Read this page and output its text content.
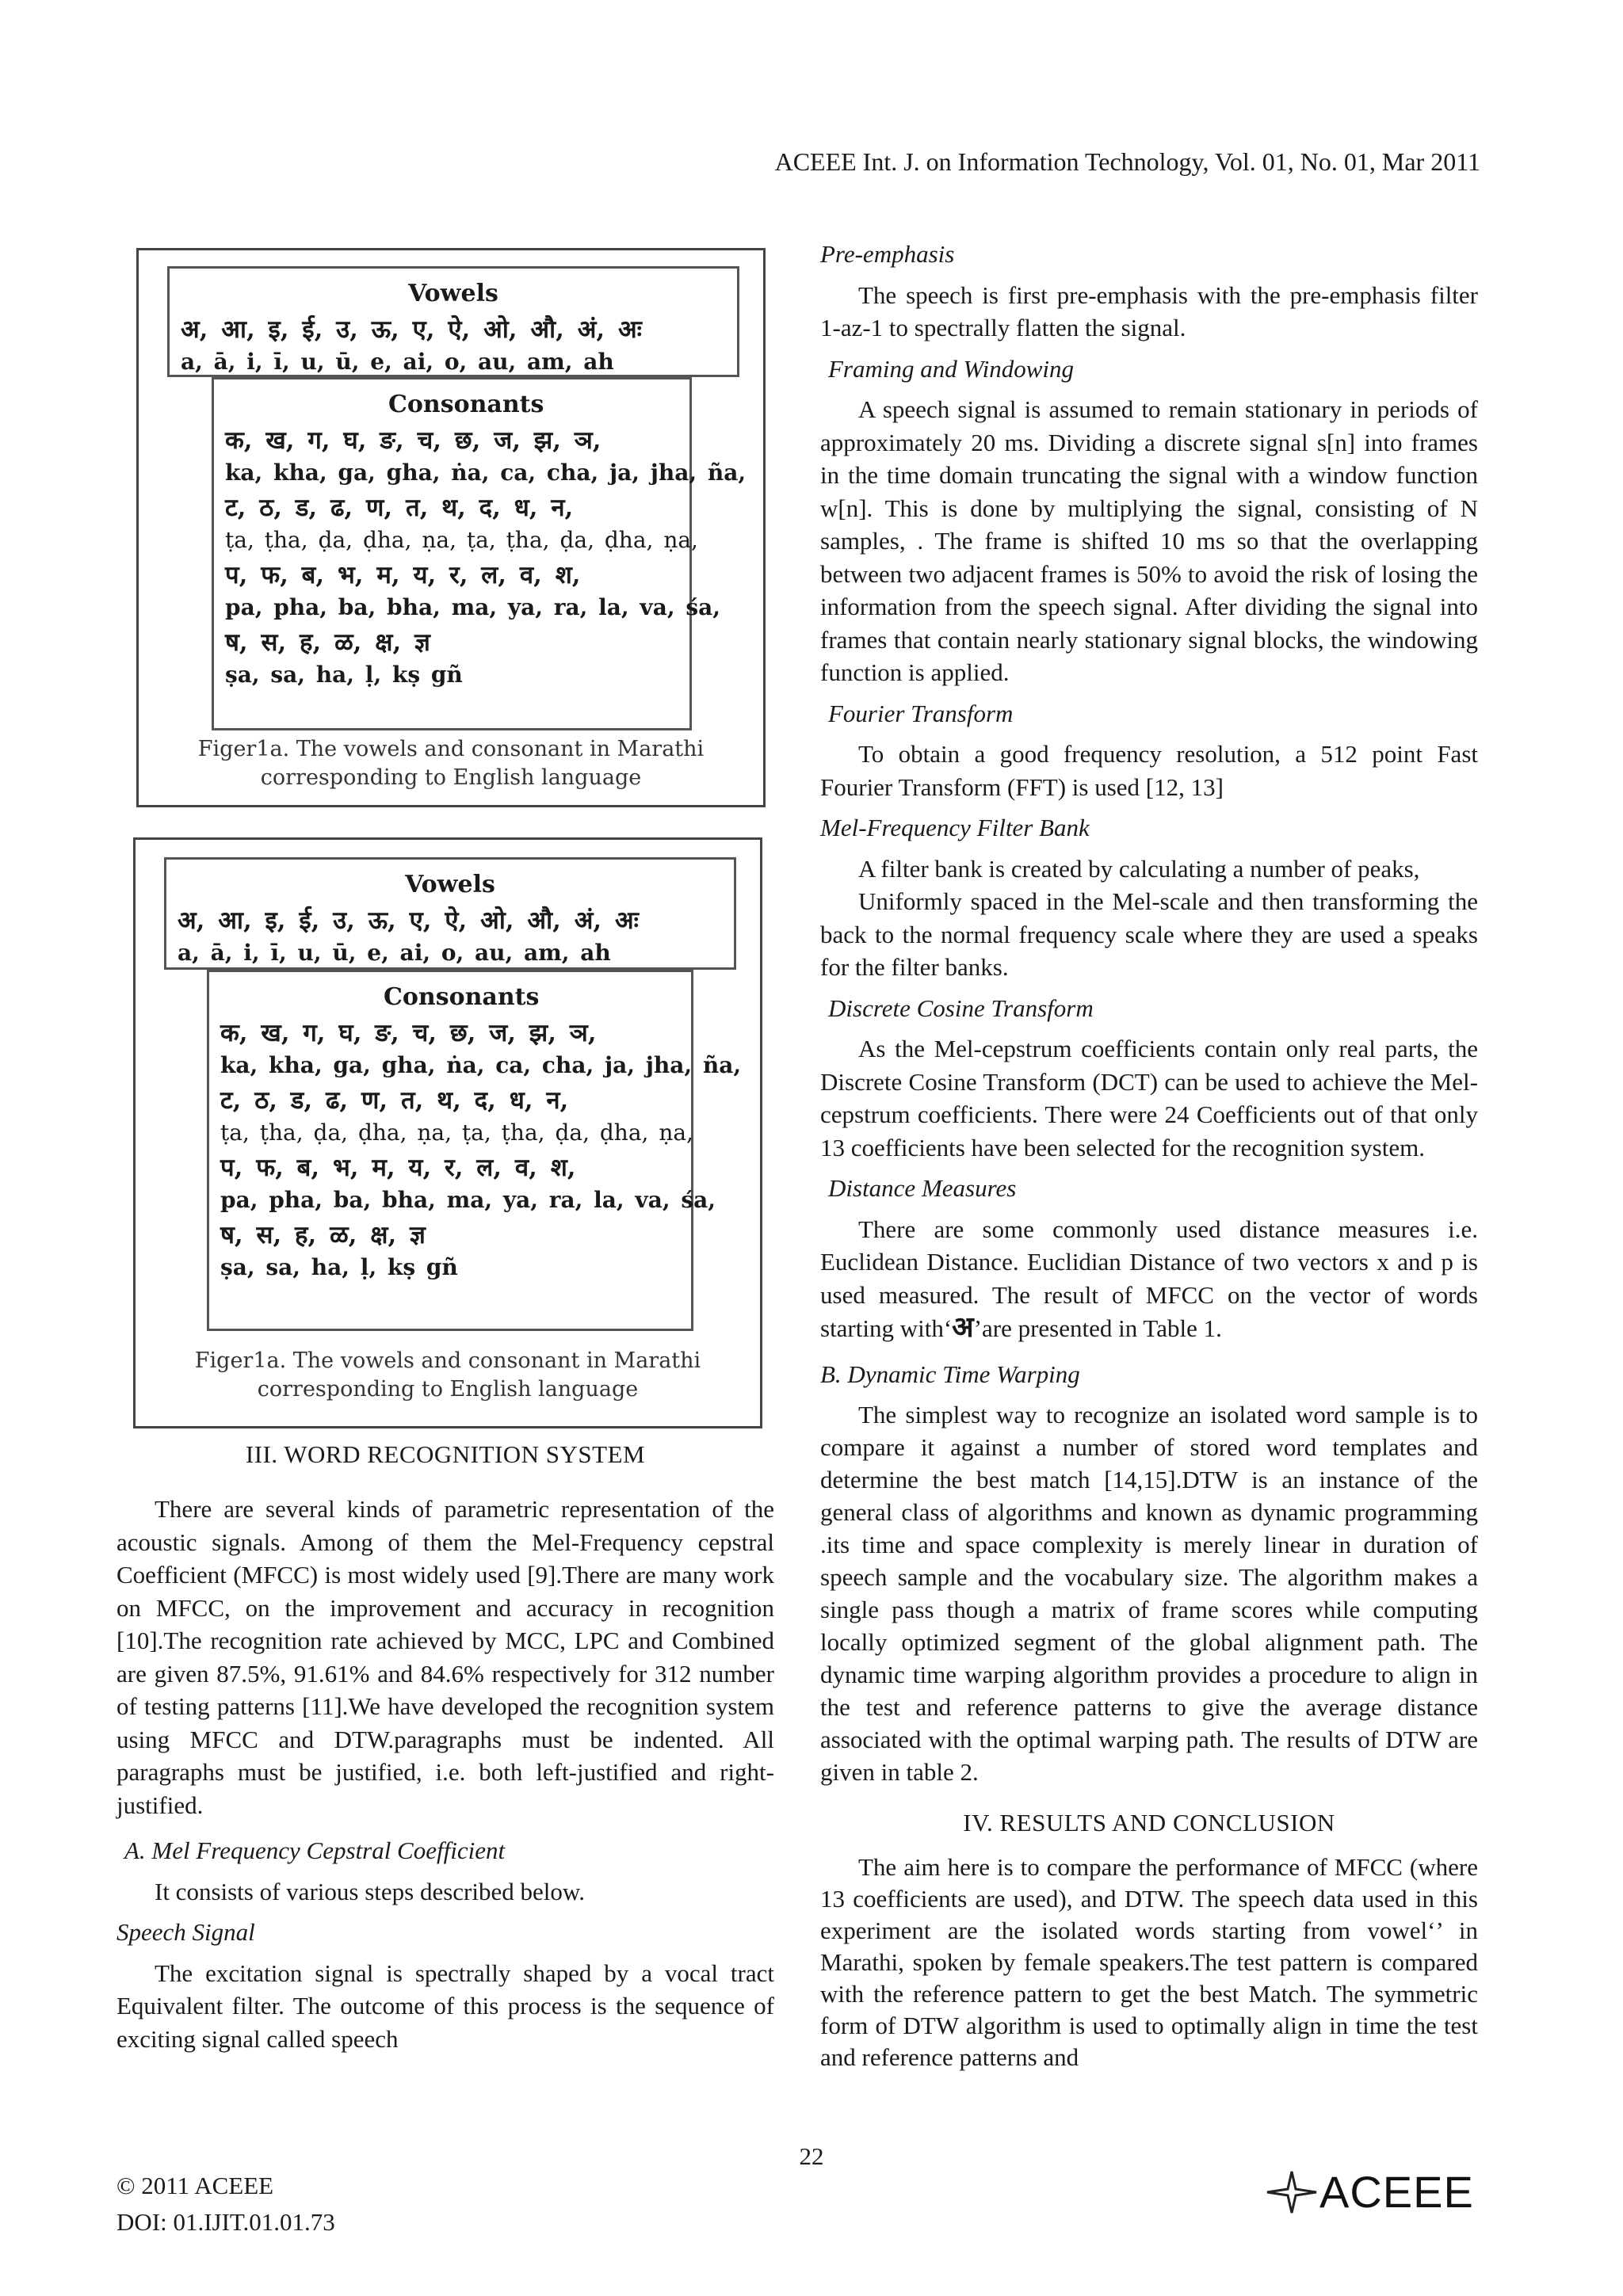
ACEEE Int. J. on Information Technology, Vol. 01, No. 01, Mar 2011
Vowels
अ, आ, इ, ई, उ, ऊ, ए, ऐ, ओ, औ, अं, अः
a, ā, i, ī, u, ū, e, ai, o, au, am, ah
Consonants
क, ख, ग, घ, ङ, च, छ, ज, झ, ञ,
ka, kha, ga, gha, ṅa, ca, cha, ja, jha, ña,
ट, ठ, ड, ढ, ण, त, थ, द, ध, न,
ṭa, ṭha, ḍa, ḍha, ṇa, ṭa, ṭha, ḍa, ḍha, ṇa,
प, फ, ब, भ, म, य, र, ल, व, श,
pa, pha, ba, bha, ma, ya, ra, la, va, śa,
ष, स, ह, ळ, क्ष, ज्ञ
ṣa, sa, ha, ḷ, kṣ gñ
Figer1a. The vowels and consonant in Marathi
corresponding to English language
Vowels
अ, आ, इ, ई, उ, ऊ, ए, ऐ, ओ, औ, अं, अः
a, ā, i, ī, u, ū, e, ai, o, au, am, ah
Consonants
क, ख, ग, घ, ङ, च, छ, ज, झ, ञ,
ka, kha, ga, gha, ṅa, ca, cha, ja, jha, ña,
ट, ठ, ड, ढ, ण, त, थ, द, ध, न,
ṭa, ṭha, ḍa, ḍha, ṇa, ṭa, ṭha, ḍa, ḍha, ṇa,
प, फ, ब, भ, म, य, र, ल, व, श,
pa, pha, ba, bha, ma, ya, ra, la, va, śa,
ष, स, ह, ळ, क्ष, ज्ञ
ṣa, sa, ha, ḷ, kṣ gñ
Figer1a. The vowels and consonant in Marathi
corresponding to English language
III. WORD RECOGNITION SYSTEM

There are several kinds of parametric representation of the acoustic signals. Among of them the Mel-Frequency cepstral Coefficient (MFCC) is most widely used [9].There are many work on MFCC, on the improvement and accuracy in recognition [10].The recognition rate achieved by MCC, LPC and Combined are given 87.5%, 91.61% and 84.6% respectively for 312 number of testing patterns [11].We have developed the recognition system using MFCC and DTW.paragraphs must be indented. All paragraphs must be justified, i.e. both left-justified and right-justified.

A. Mel Frequency Cepstral Coefficient

It consists of various steps described below.

Speech Signal

The excitation signal is spectrally shaped by a vocal tract Equivalent filter. The outcome of this process is the sequence of exciting signal called speech

Pre-emphasis

The speech is first pre-emphasis with the pre-emphasis filter 1-az-1 to spectrally flatten the signal.

Framing and Windowing

A speech signal is assumed to remain stationary in periods of approximately 20 ms. Dividing a discrete signal s[n] into frames in the time domain truncating the signal with a window function w[n]. This is done by multiplying the signal, consisting of N samples, . The frame is shifted 10 ms so that the overlapping between two adjacent frames is 50% to avoid the risk of losing the information from the speech signal. After dividing the signal into frames that contain nearly stationary signal blocks, the windowing function is applied.

Fourier Transform

To obtain a good frequency resolution, a 512 point Fast Fourier Transform (FFT) is used [12, 13]

Mel-Frequency Filter Bank

A filter bank is created by calculating a number of peaks,

Uniformly spaced in the Mel-scale and then transforming the back to the normal frequency scale where they are used a speaks for the filter banks.

Discrete Cosine Transform

As the Mel-cepstrum coefficients contain only real parts, the Discrete Cosine Transform (DCT) can be used to achieve the Mel- cepstrum coefficients. There were 24 Coefficients out of that only 13 coefficients have been selected for the recognition system.

Distance Measures

There are some commonly used distance measures i.e. Euclidean Distance. Euclidian Distance of two vectors x and p is used measured. The result of MFCC on the vector of words starting with‘अ’are presented in Table 1.

B. Dynamic Time Warping

The simplest way to recognize an isolated word sample is to compare it against a number of stored word templates and determine the best match [14,15].DTW is an instance of the general class of algorithms and known as dynamic programming .its time and space complexity is merely linear in duration of speech sample and the vocabulary size. The algorithm makes a single pass though a matrix of frame scores while computing locally optimized segment of the global alignment path. The dynamic time warping algorithm provides a procedure to align in the test and reference patterns to give the average distance associated with the optimal warping path. The results of DTW are given in table 2.

IV. RESULTS AND CONCLUSION

The aim here is to compare the performance of MFCC (where 13 coefficients are used), and DTW. The speech data used in this experiment are the isolated words starting from vowel‘’ in Marathi, spoken by female speakers.The test pattern is compared with the reference pattern to get the best Match. The symmetric form of DTW algorithm is used to optimally align in time the test and reference patterns and

22
© 2011 ACEEE
DOI: 01.IJIT.01.01.73
ACEEE
